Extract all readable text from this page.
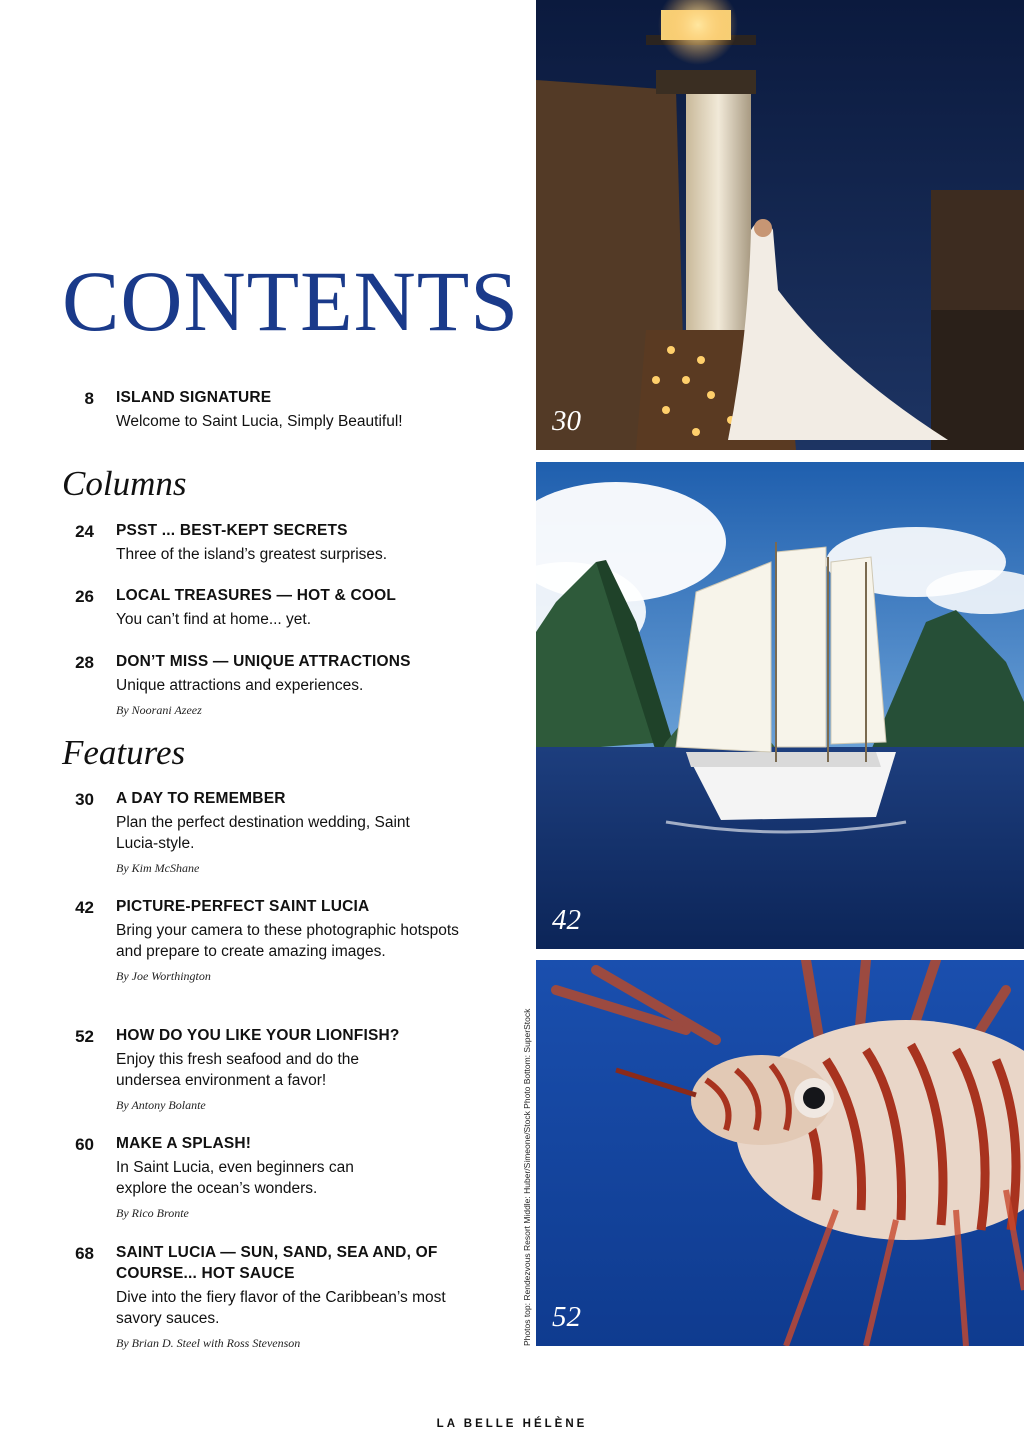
CONTENTS
8 ISLAND SIGNATURE
Welcome to Saint Lucia, Simply Beautiful!
Columns
24 PSST ... BEST-KEPT SECRETS
Three of the island’s greatest surprises.
26 LOCAL TREASURES — HOT & COOL
You can’t find at home... yet.
28 DON’T MISS — UNIQUE ATTRACTIONS
Unique attractions and experiences.
By Noorani Azeez
Features
30 A DAY TO REMEMBER
Plan the perfect destination wedding, Saint Lucia-style.
By Kim McShane
42 PICTURE-PERFECT SAINT LUCIA
Bring your camera to these photographic hotspots and prepare to create amazing images.
By Joe Worthington
52 HOW DO YOU LIKE YOUR LIONFISH?
Enjoy this fresh seafood and do the undersea environment a favor!
By Antony Bolante
60 MAKE A SPLASH!
In Saint Lucia, even beginners can explore the ocean’s wonders.
By Rico Bronte
68 SAINT LUCIA — SUN, SAND, SEA AND, OF COURSE... HOT SAUCE
Dive into the fiery flavor of the Caribbean’s most savory sauces.
By Brian D. Steel with Ross Stevenson
30
42
52
Photos top: Rendezvous Resort Middle: Huber/Simeone/Stock Photo Bottom: SuperStock
LA BELLE HÉLÈNE
